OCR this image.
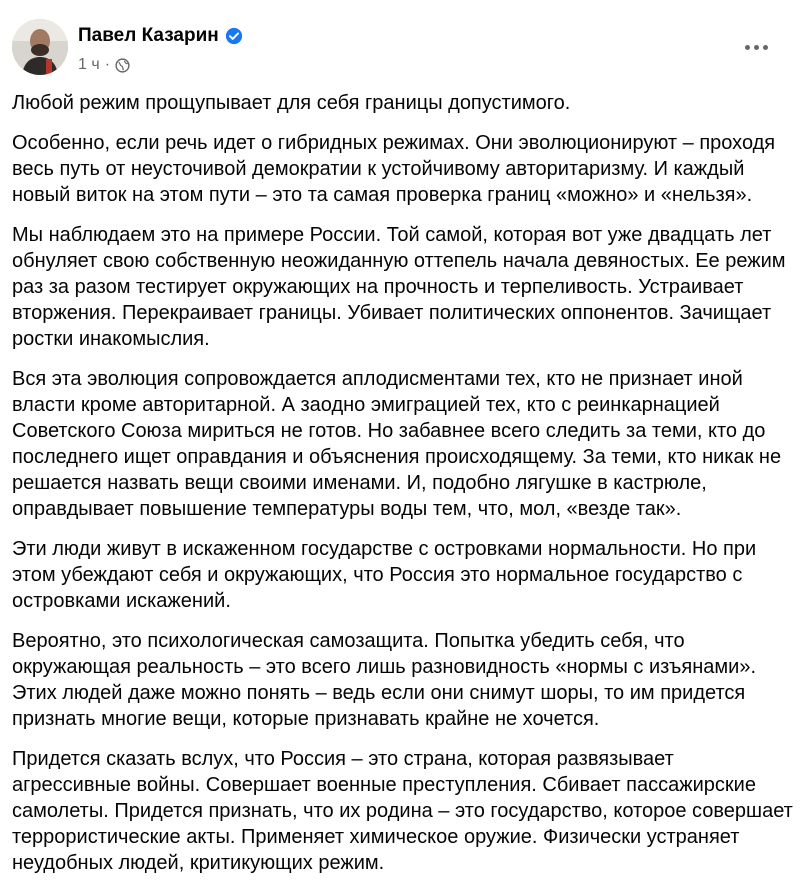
Павел Казарин
1 ч ·

Любой режим прощупывает для себя границы допустимого.

Особенно, если речь идет о гибридных режимах. Они эволюционируют – проходя весь путь от неусточивой демократии к устойчивому авторитаризму. И каждый новый виток на этом пути – это та самая проверка границ «можно» и «нельзя».

Мы наблюдаем это на примере России. Той самой, которая вот уже двадцать лет обнуляет свою собственную неожиданную оттепель начала девяностых. Ее режим раз за разом тестирует окружающих на прочность и терпеливость. Устраивает вторжения. Перекраивает границы. Убивает политических оппонентов. Зачищает ростки инакомыслия.

Вся эта эволюция сопровождается аплодисментами тех, кто не признает иной власти кроме авторитарной. А заодно эмиграцией тех, кто с реинкарнацией Советского Союза мириться не готов. Но забавнее всего следить за теми, кто до последнего ищет оправдания и объяснения происходящему. За теми, кто никак не решается назвать вещи своими именами. И, подобно лягушке в кастрюле, оправдывает повышение температуры воды тем, что, мол, «везде так».

Эти люди живут в искаженном государстве с островками нормальности. Но при этом убеждают себя и окружающих, что Россия это нормальное государство с островками искажений.

Вероятно, это психологическая самозащита. Попытка убедить себя, что окружающая реальность – это всего лишь разновидность «нормы с изъянами». Этих людей даже можно понять – ведь если они снимут шоры, то им придется признать многие вещи, которые признавать крайне не хочется.

Придется сказать вслух, что Россия – это страна, которая развязывает агрессивные войны. Совершает военные преступления. Сбивает пассажирские самолеты. Придется признать, что их родина – это государство, которое совершает террористические акты. Применяет химическое оружие. Физически устраняет неудобных людей, критикующих режим.
